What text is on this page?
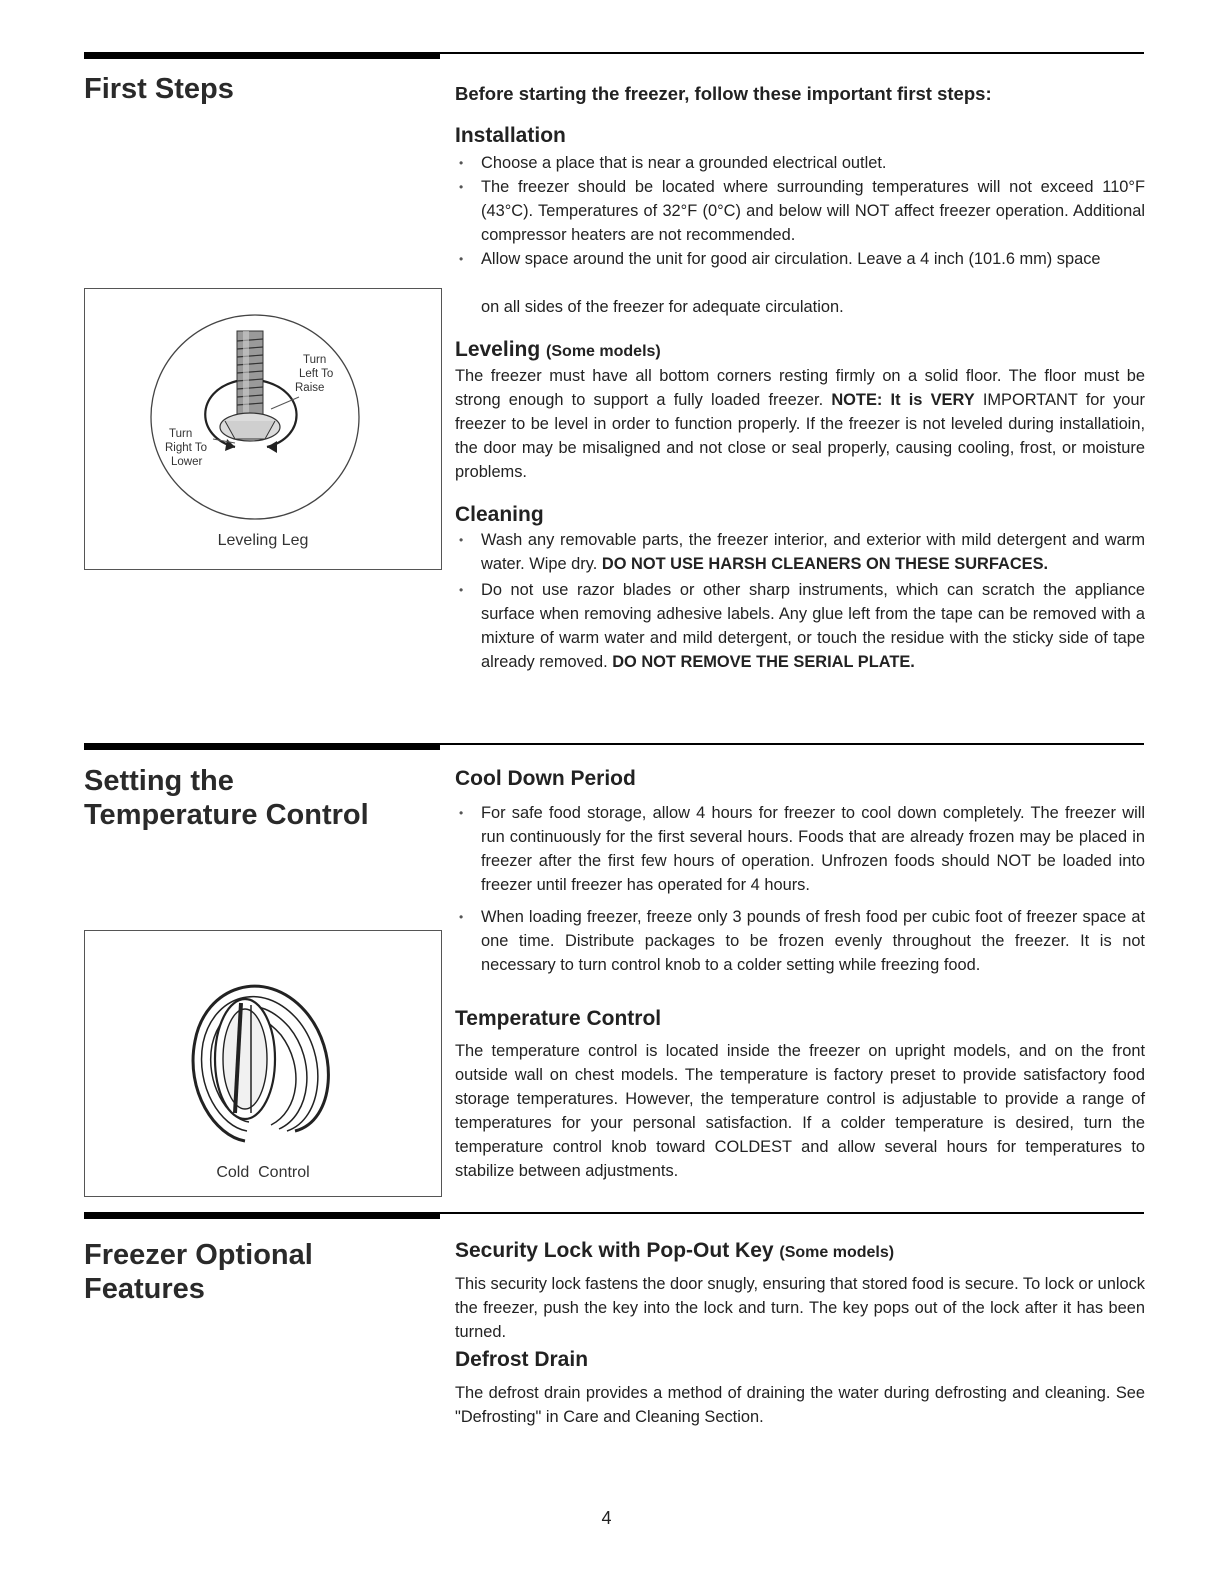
First Steps	Before starting the freezer, follow these important first steps:

Installation
• Choose a place that is near a grounded electrical outlet.
• The freezer should be located where surrounding temperatures will not exceed 110°F (43°C). Temperatures of 32°F (0°C) and below will NOT affect freezer operation. Additional compressor heaters are not recommended.
• Allow space around the unit for good air circulation. Leave a 4 inch (101.6 mm) space

on all sides of the freezer for adequate circulation.

Leveling (Some models)

The freezer must have all bottom corners resting firmly on a solid floor. The floor must be strong enough to support a fully loaded freezer. NOTE: It is VERY IMPORTANT for your freezer to be level in order to function properly. If the freezer is not leveled during installatioin, the door may be misaligned and not close or seal properly, causing cooling, frost, or moisture problems.

Cleaning
• Wash any removable parts, the freezer interior, and exterior with mild detergent and warm water. Wipe dry. DO NOT USE HARSH CLEANERS ON THESE SURFACES.
• Do not use razor blades or other sharp instruments, which can scratch the appliance surface when removing adhesive labels. Any glue left from the tape can be removed with a mixture of warm water and mild detergent, or touch the residue with the sticky side of tape already removed. DO NOT REMOVE THE SERIAL PLATE.
Turn
Left To
Raise
Turn
Right To
Lower
Leveling Leg
Setting the
Temperature Control
Cool Down Period
• For safe food storage, allow 4 hours for freezer to cool down completely. The freezer will run continuously for the first several hours. Foods that are already frozen may be placed in freezer after the first few hours of operation. Unfrozen foods should NOT be loaded into freezer until freezer has operated for 4 hours.
• When loading freezer, freeze only 3 pounds of fresh food per cubic foot of freezer space at one time. Distribute packages to be frozen evenly throughout the freezer. It is not necessary to turn control knob to a colder setting while freezing food.
Temperature Control

The temperature control is located inside the freezer on upright models, and on the front outside wall on chest models. The temperature is factory preset to provide satisfactory food storage temperatures. However, the temperature control is adjustable to provide a range of temperatures for your personal satisfaction. If a colder temperature is desired, turn the temperature control knob toward COLDEST and allow several hours for temperatures to stabilize between adjustments.

Cold  Control
Freezer Optional
Features
Security Lock with Pop-Out Key (Some models)

This security lock fastens the door snugly, ensuring that stored food is secure. To lock or unlock the freezer, push the key into the lock and turn. The key pops out of the lock after it has been turned.

Defrost Drain

The defrost drain provides a method of draining the water during defrosting and cleaning. See "Defrosting" in Care and Cleaning Section.

4
